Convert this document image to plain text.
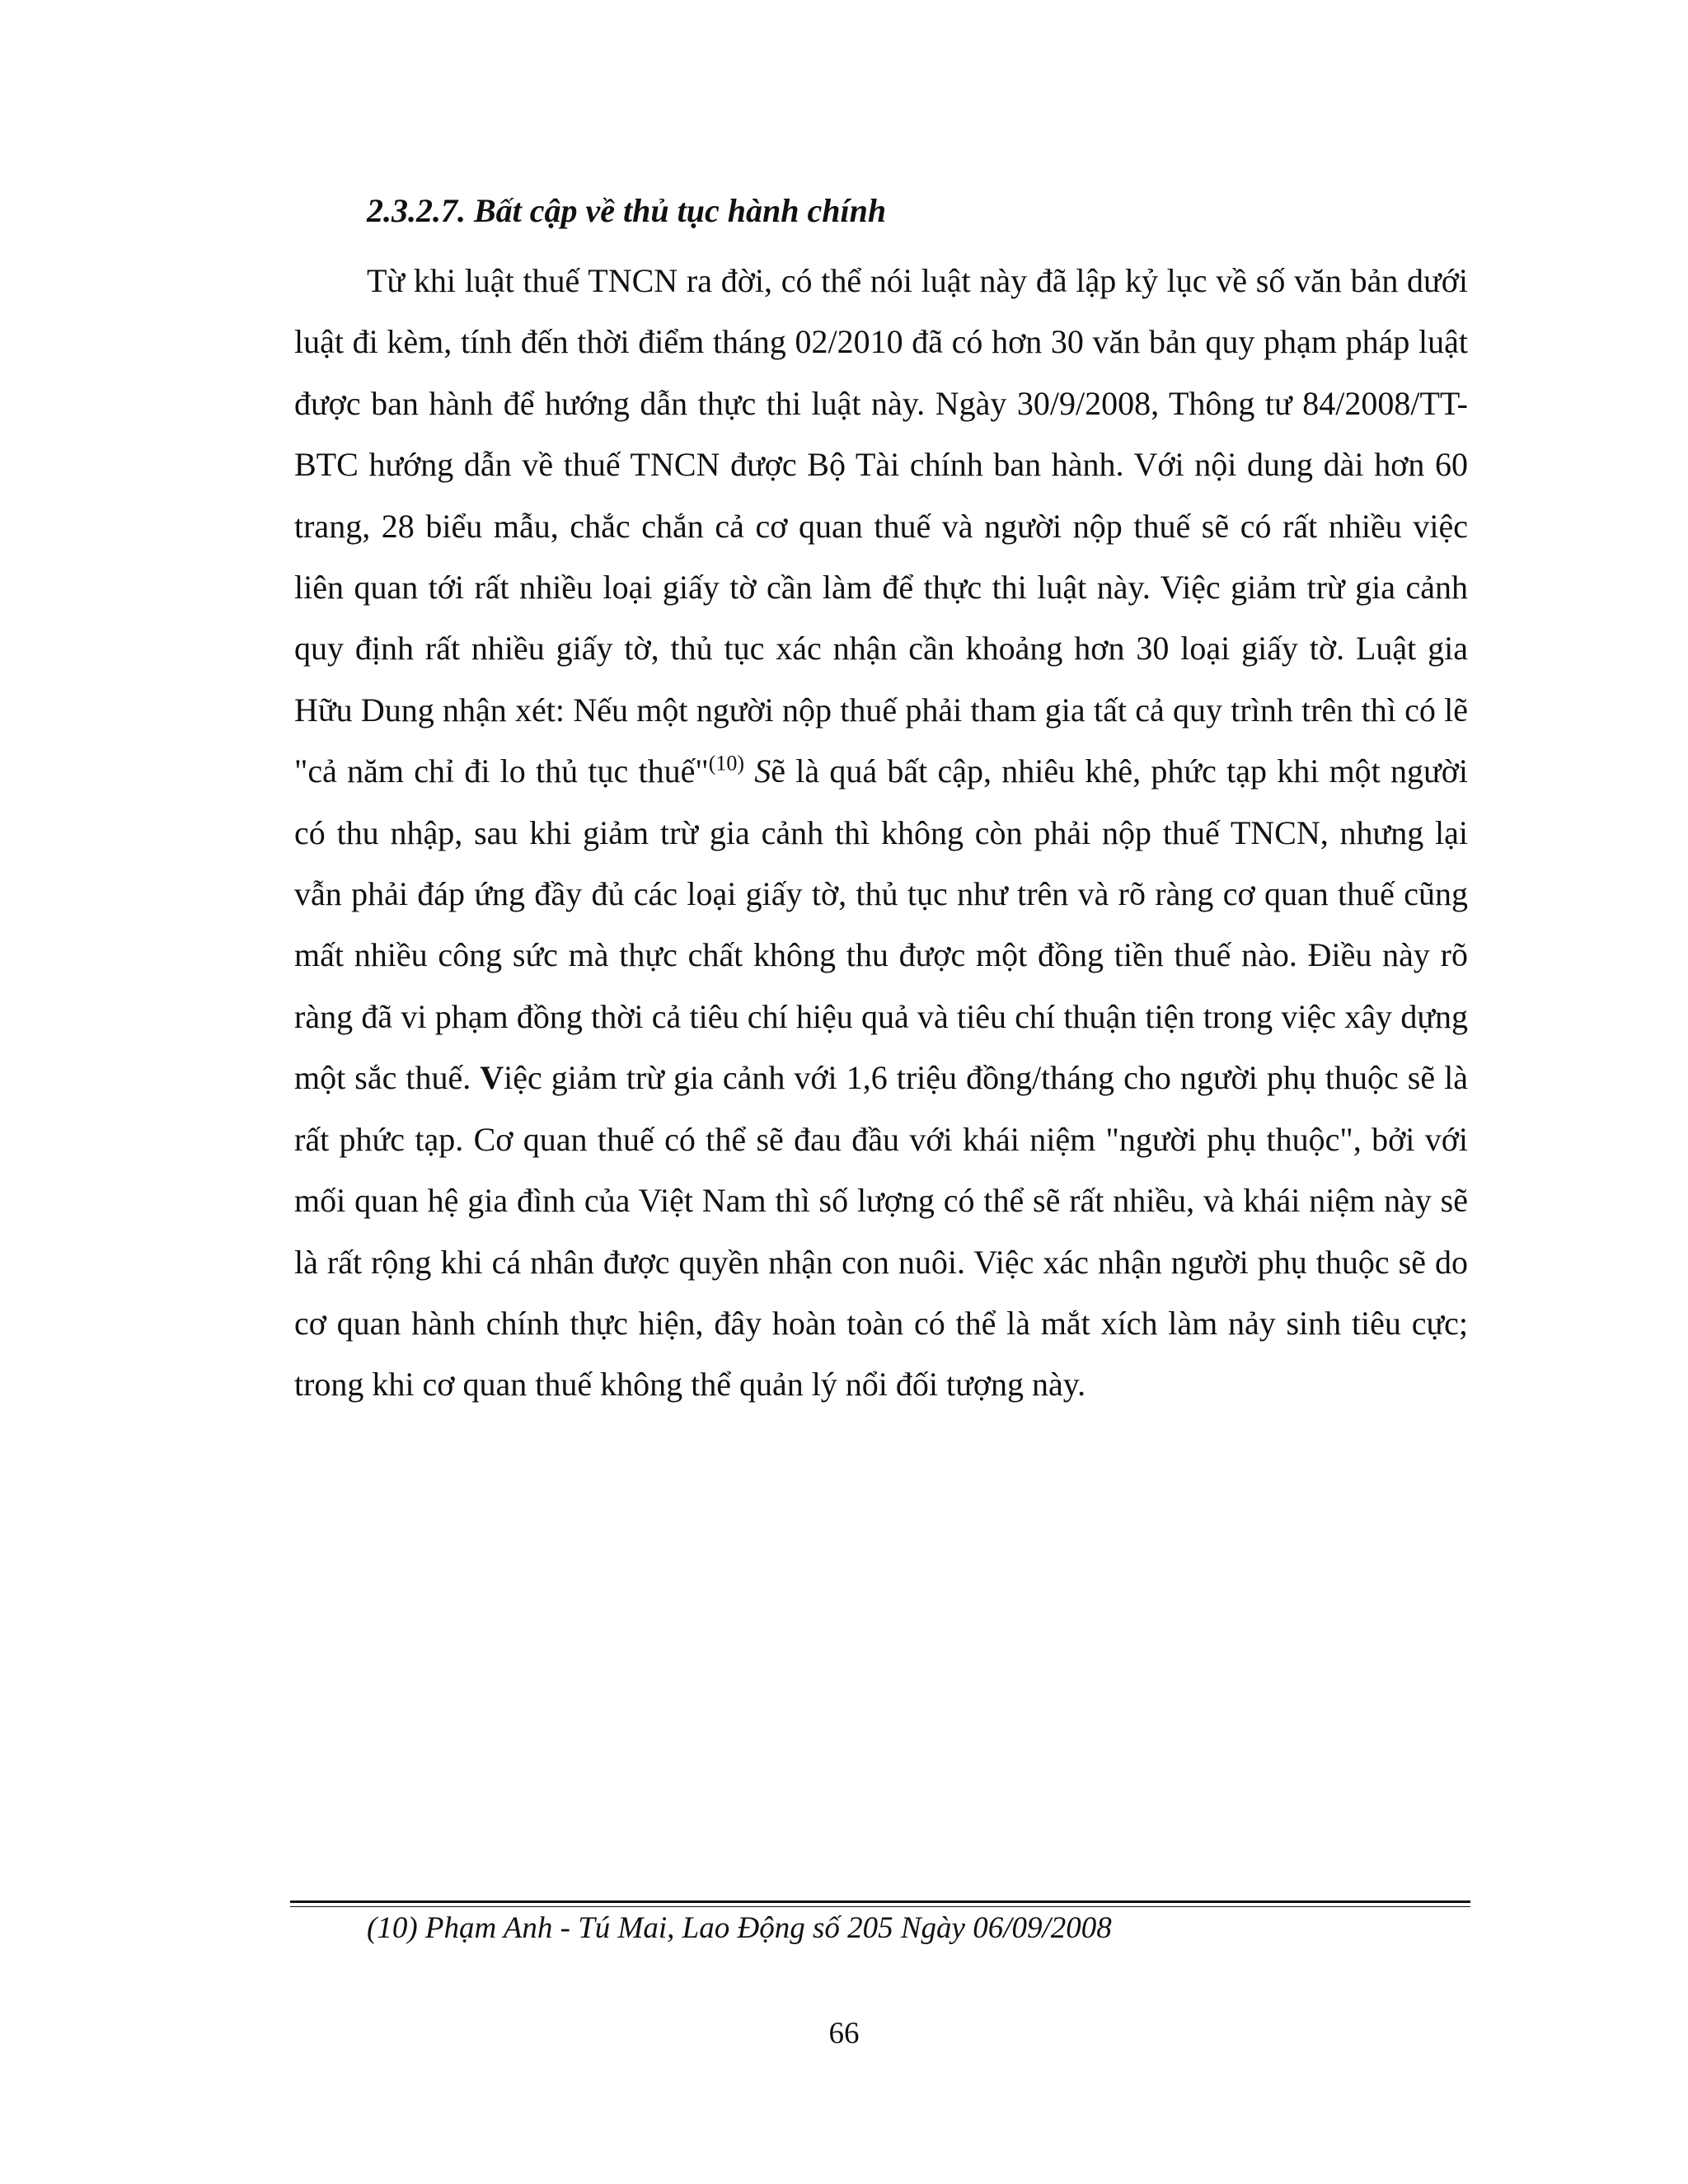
2.3.2.7. Bất cập về thủ tục hành chính

Từ khi luật thuế TNCN ra đời, có thể nói luật này đã lập kỷ lục về số văn bản dưới luật đi kèm, tính đến thời điểm tháng 02/2010 đã có hơn 30 văn bản quy phạm pháp luật được ban hành để hướng dẫn thực thi luật này. Ngày 30/9/2008, Thông tư 84/2008/TT-BTC hướng dẫn về thuế TNCN được Bộ Tài chính ban hành. Với nội dung dài hơn 60 trang, 28 biểu mẫu, chắc chắn cả cơ quan thuế và người nộp thuế sẽ có rất nhiều việc liên quan tới rất nhiều loại giấy tờ cần làm để thực thi luật này. Việc giảm trừ gia cảnh quy định rất nhiều giấy tờ, thủ tục xác nhận cần khoảng hơn 30 loại giấy tờ. Luật gia Hữu Dung nhận xét: Nếu một người nộp thuế phải tham gia tất cả quy trình trên thì có lẽ "cả năm chỉ đi lo thủ tục thuế"$^{(10)}$ Sẽ là quá bất cập, nhiêu khê, phức tạp khi một người có thu nhập, sau khi giảm trừ gia cảnh thì không còn phải nộp thuế TNCN, nhưng lại vẫn phải đáp ứng đầy đủ các loại giấy tờ, thủ tục như trên và rõ ràng cơ quan thuế cũng mất nhiều công sức mà thực chất không thu được một đồng tiền thuế nào. Điều này rõ ràng đã vi phạm đồng thời cả tiêu chí hiệu quả và tiêu chí thuận tiện trong việc xây dựng một sắc thuế. Việc giảm trừ gia cảnh với 1,6 triệu đồng/tháng cho người phụ thuộc sẽ là rất phức tạp. Cơ quan thuế có thể sẽ đau đầu với khái niệm "người phụ thuộc", bởi với mối quan hệ gia đình của Việt Nam thì số lượng có thể sẽ rất nhiều, và khái niệm này sẽ là rất rộng khi cá nhân được quyền nhận con nuôi. Việc xác nhận người phụ thuộc sẽ do cơ quan hành chính thực hiện, đây hoàn toàn có thể là mắt xích làm nảy sinh tiêu cực; trong khi cơ quan thuế không thể quản lý nổi đối tượng này.

(10) Phạm Anh - Tú Mai, Lao Động số 205 Ngày 06/09/2008

66
